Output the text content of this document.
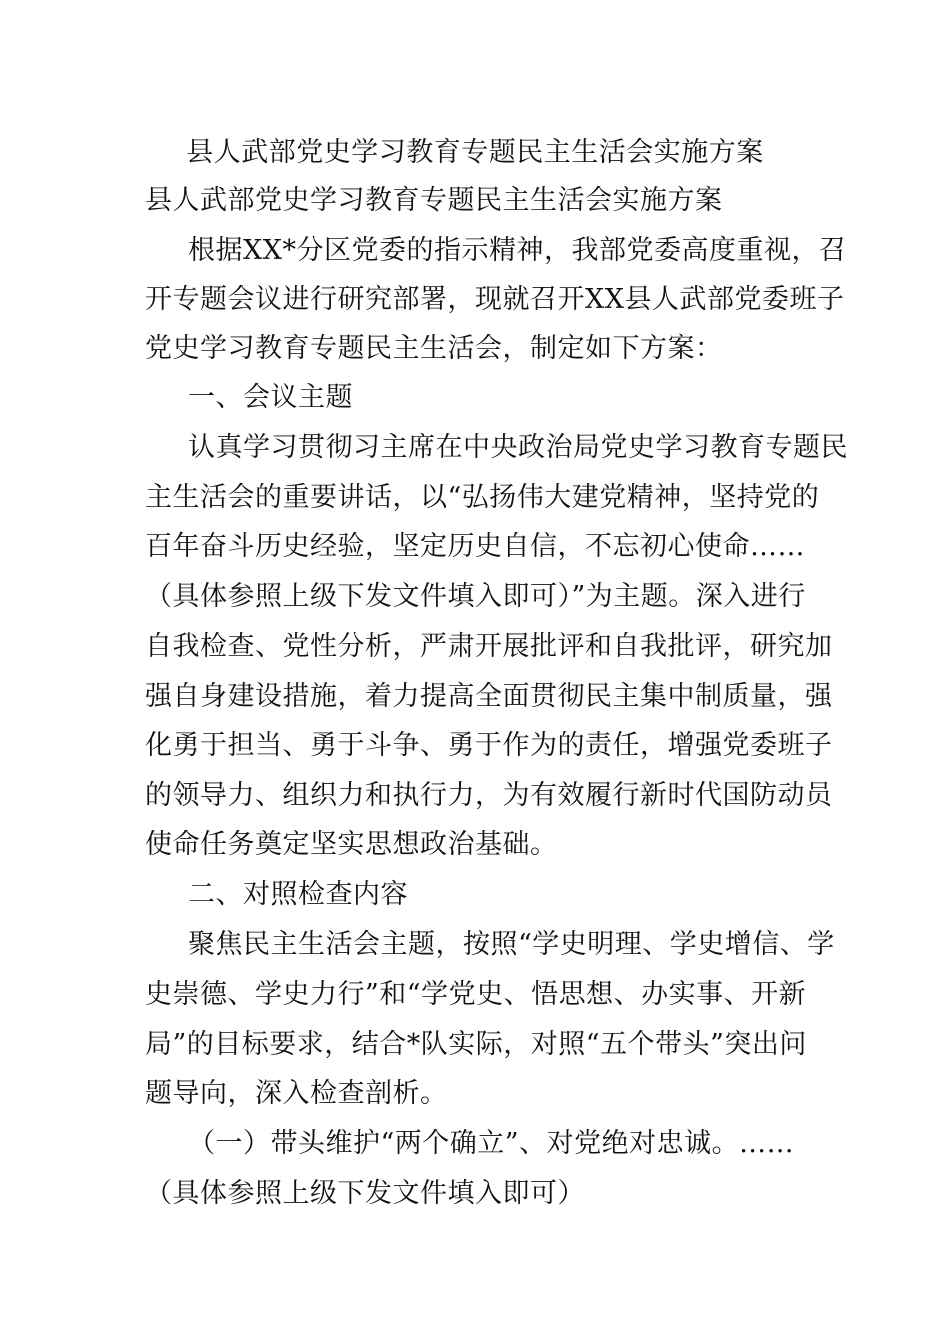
县人武部党史学习教育专题民主生活会实施方案
县人武部党史学习教育专题民主生活会实施方案
根据XX*分区党委的指示精神，我部党委高度重视，召
开专题会议进行研究部署，现就召开XX县人武部党委班子
党史学习教育专题民主生活会，制定如下方案：
一、会议主题
认真学习贯彻习主席在中央政治局党史学习教育专题民
主生活会的重要讲话，以“弘扬伟大建党精神，坚持党的
百年奋斗历史经验，坚定历史自信，不忘初心使命……
（具体参照上级下发文件填入即可）”为主题。深入进行
自我检查、党性分析，严肃开展批评和自我批评，研究加
强自身建设措施，着力提高全面贯彻民主集中制质量，强
化勇于担当、勇于斗争、勇于作为的责任，增强党委班子
的领导力、组织力和执行力，为有效履行新时代国防动员
使命任务奠定坚实思想政治基础。
二、对照检查内容
聚焦民主生活会主题，按照“学史明理、学史增信、学
史崇德、学史力行”和“学党史、悟思想、办实事、开新
局”的目标要求，结合*队实际，对照“五个带头”突出问
题导向，深入检查剖析。
（一）带头维护“两个确立”、对党绝对忠诚。……
（具体参照上级下发文件填入即可）
